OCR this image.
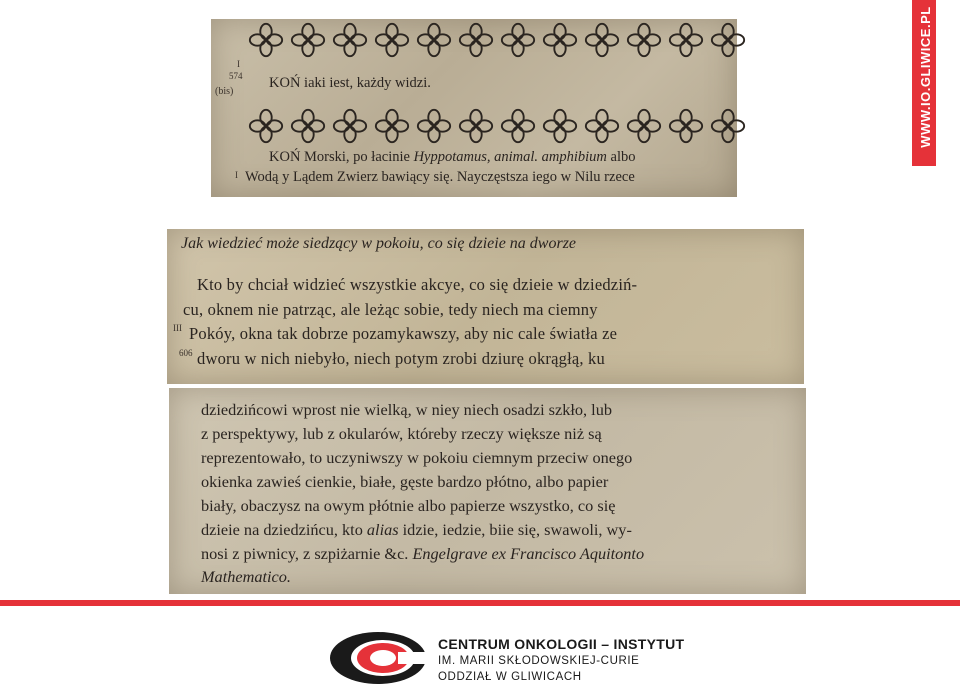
WWW.IO.GLIWICE.PL
I
574
(bis)
KOŃ iaki iest, każdy widzi.
KOŃ Morski, po łacinie Hyppotamus, animal. amphibium albo
I Wodą y Lądem Zwierz bawiący się. Nayczęstsza iego w Nilu rzece
Jak wiedzieć może siedzący w pokoiu, co się dzieie na dworze
Kto by chciał widzieć wszystkie akcye, co się dzieie w dziedziń-
cu, oknem nie patrząc, ale leżąc sobie, tedy niech ma ciemny
III Pokóy, okna tak dobrze pozamykawszy, aby nic cale światła ze
606 dworu w nich niebyło, niech potym zrobi dziurę okrągłą, ku
dziedzińcowi wprost nie wielką, w niey niech osadzi szkło, lub
z perspektywy, lub z okularów, któreby rzeczy większe niż są
reprezentowało, to uczyniwszy w pokoiu ciemnym przeciw onego
okienka zawieś cienkie, białe, gęste bardzo płótno, albo papier
biały, obaczysz na owym płótnie albo papierze wszystko, co się
dzieie na dziedzińcu, kto alias idzie, iedzie, biie się, swawoli, wy-
nosi z piwnicy, z szpiżarnie &c. Engelgrave ex Francisco Aquitonto
Mathematico.
CENTRUM ONKOLOGII – INSTYTUT
IM. MARII SKŁODOWSKIEJ-CURIE
ODDZIAŁ W GLIWICACH
